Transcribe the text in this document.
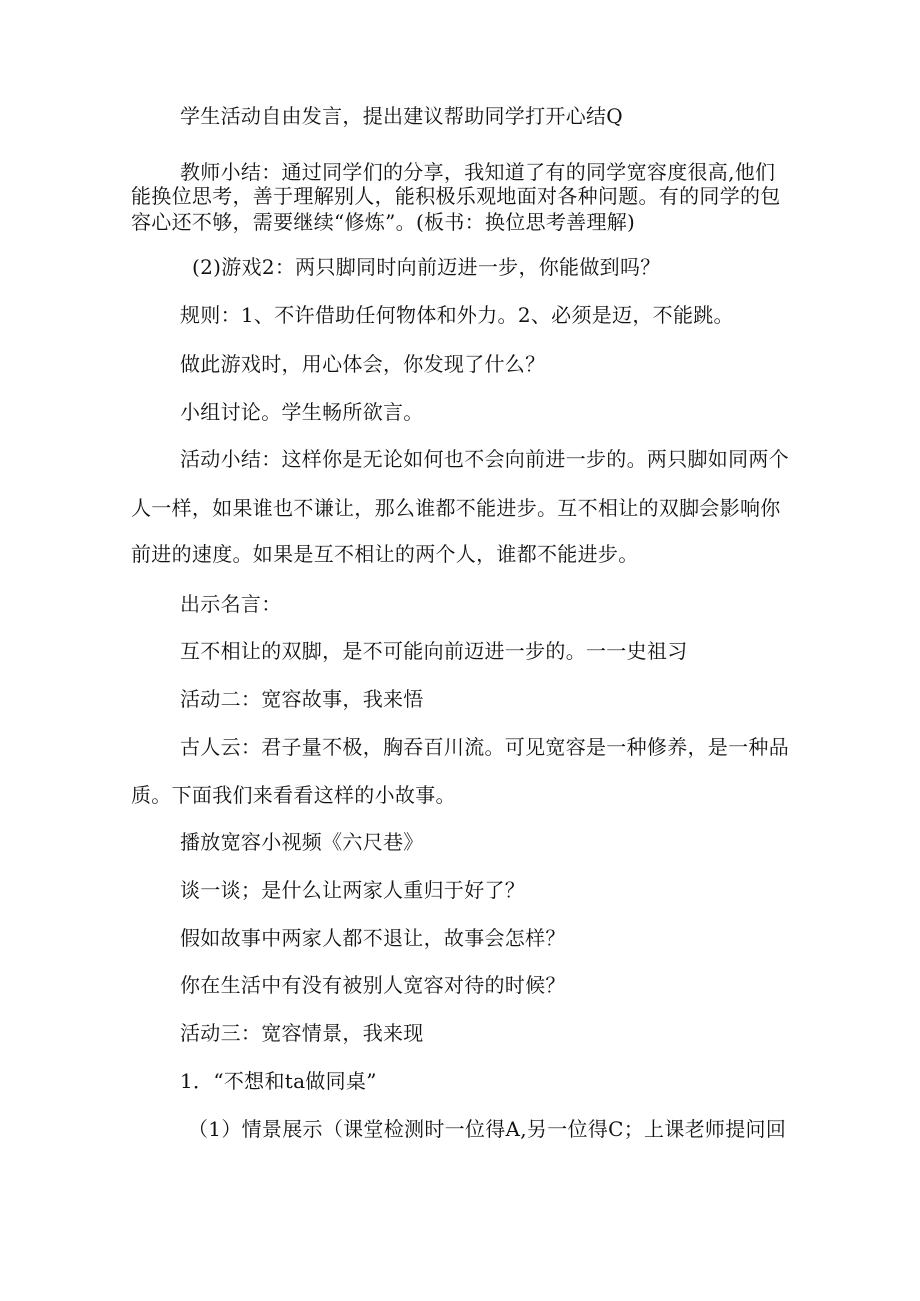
学生活动自由发言，提出建议帮助同学打开心结Q
教师小结：通过同学们的分享，我知道了有的同学宽容度很高,他们
能换位思考，善于理解别人，能积极乐观地面对各种问题。有的同学的包
容心还不够，需要继续“修炼”。(板书：换位思考善理解)
(2)游戏2：两只脚同时向前迈进一步，你能做到吗？
规则：1、不许借助任何物体和外力。2、必须是迈，不能跳。
做此游戏时，用心体会，你发现了什么？
小组讨论。学生畅所欲言。
活动小结：这样你是无论如何也不会向前进一步的。两只脚如同两个
人一样，如果谁也不谦让，那么谁都不能进步。互不相让的双脚会影响你
前进的速度。如果是互不相让的两个人，谁都不能进步。
出示名言：
互不相让的双脚，是不可能向前迈进一步的。一一史祖习
活动二：宽容故事，我来悟
古人云：君子量不极，胸吞百川流。可见宽容是一种修养，是一种品
质。下面我们来看看这样的小故事。
播放宽容小视频《六尺巷》
谈一谈；是什么让两家人重归于好了？
假如故事中两家人都不退让，故事会怎样？
你在生活中有没有被别人宽容对待的时候？
活动三：宽容情景，我来现
1．“不想和ta做同桌”
（1）情景展示（课堂检测时一位得A,另一位得C；上课老师提问回
